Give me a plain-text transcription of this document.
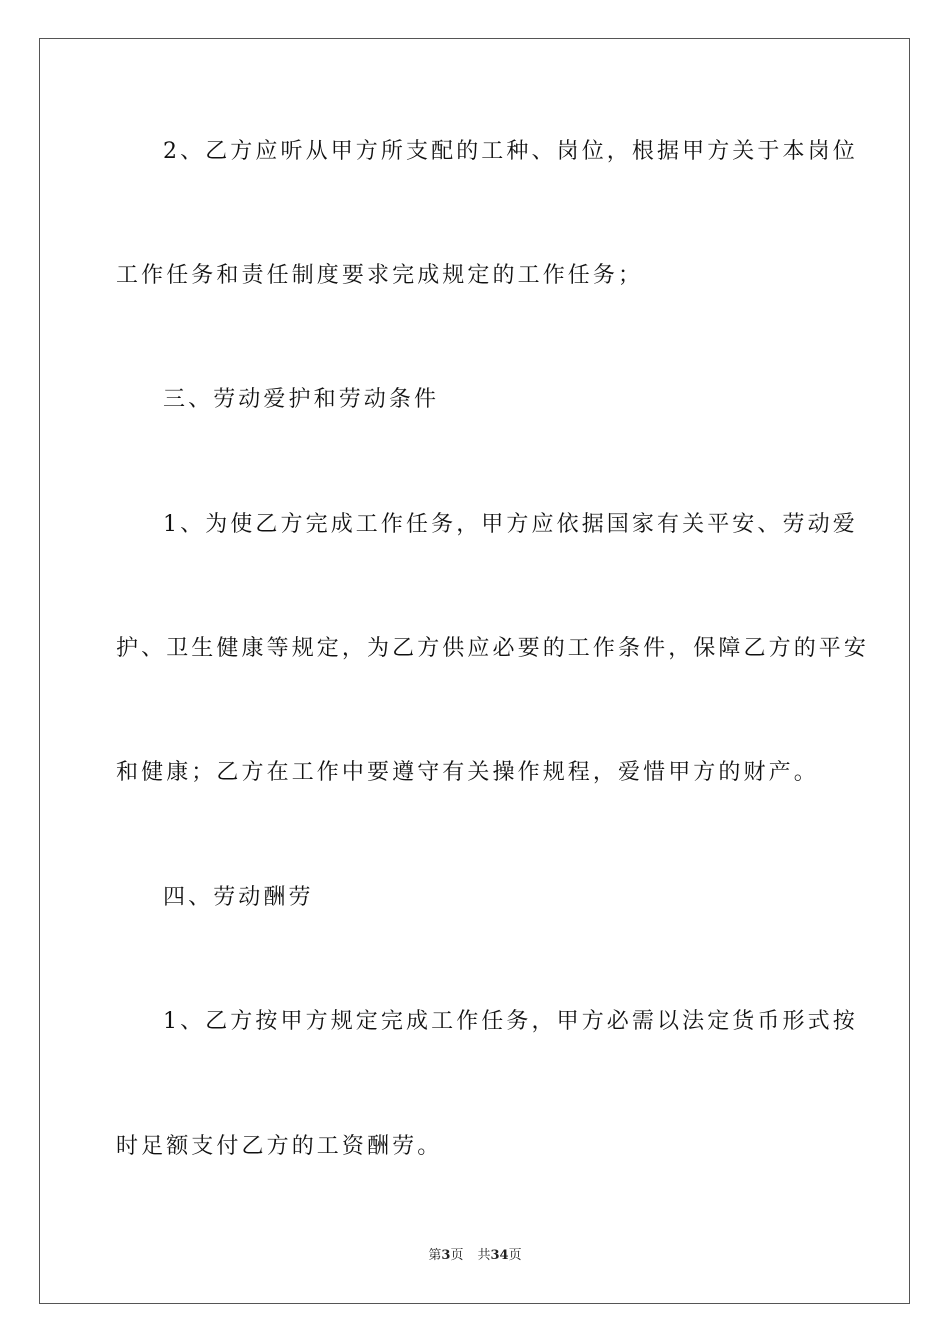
2、乙方应听从甲方所支配的工种、岗位，根据甲方关于本岗位
工作任务和责任制度要求完成规定的工作任务；
三、劳动爱护和劳动条件
1、为使乙方完成工作任务，甲方应依据国家有关平安、劳动爱
护、卫生健康等规定，为乙方供应必要的工作条件，保障乙方的平安
和健康；乙方在工作中要遵守有关操作规程，爱惜甲方的财产。
四、劳动酬劳
1、乙方按甲方规定完成工作任务，甲方必需以法定货币形式按
时足额支付乙方的工资酬劳。
第3页 共34页
